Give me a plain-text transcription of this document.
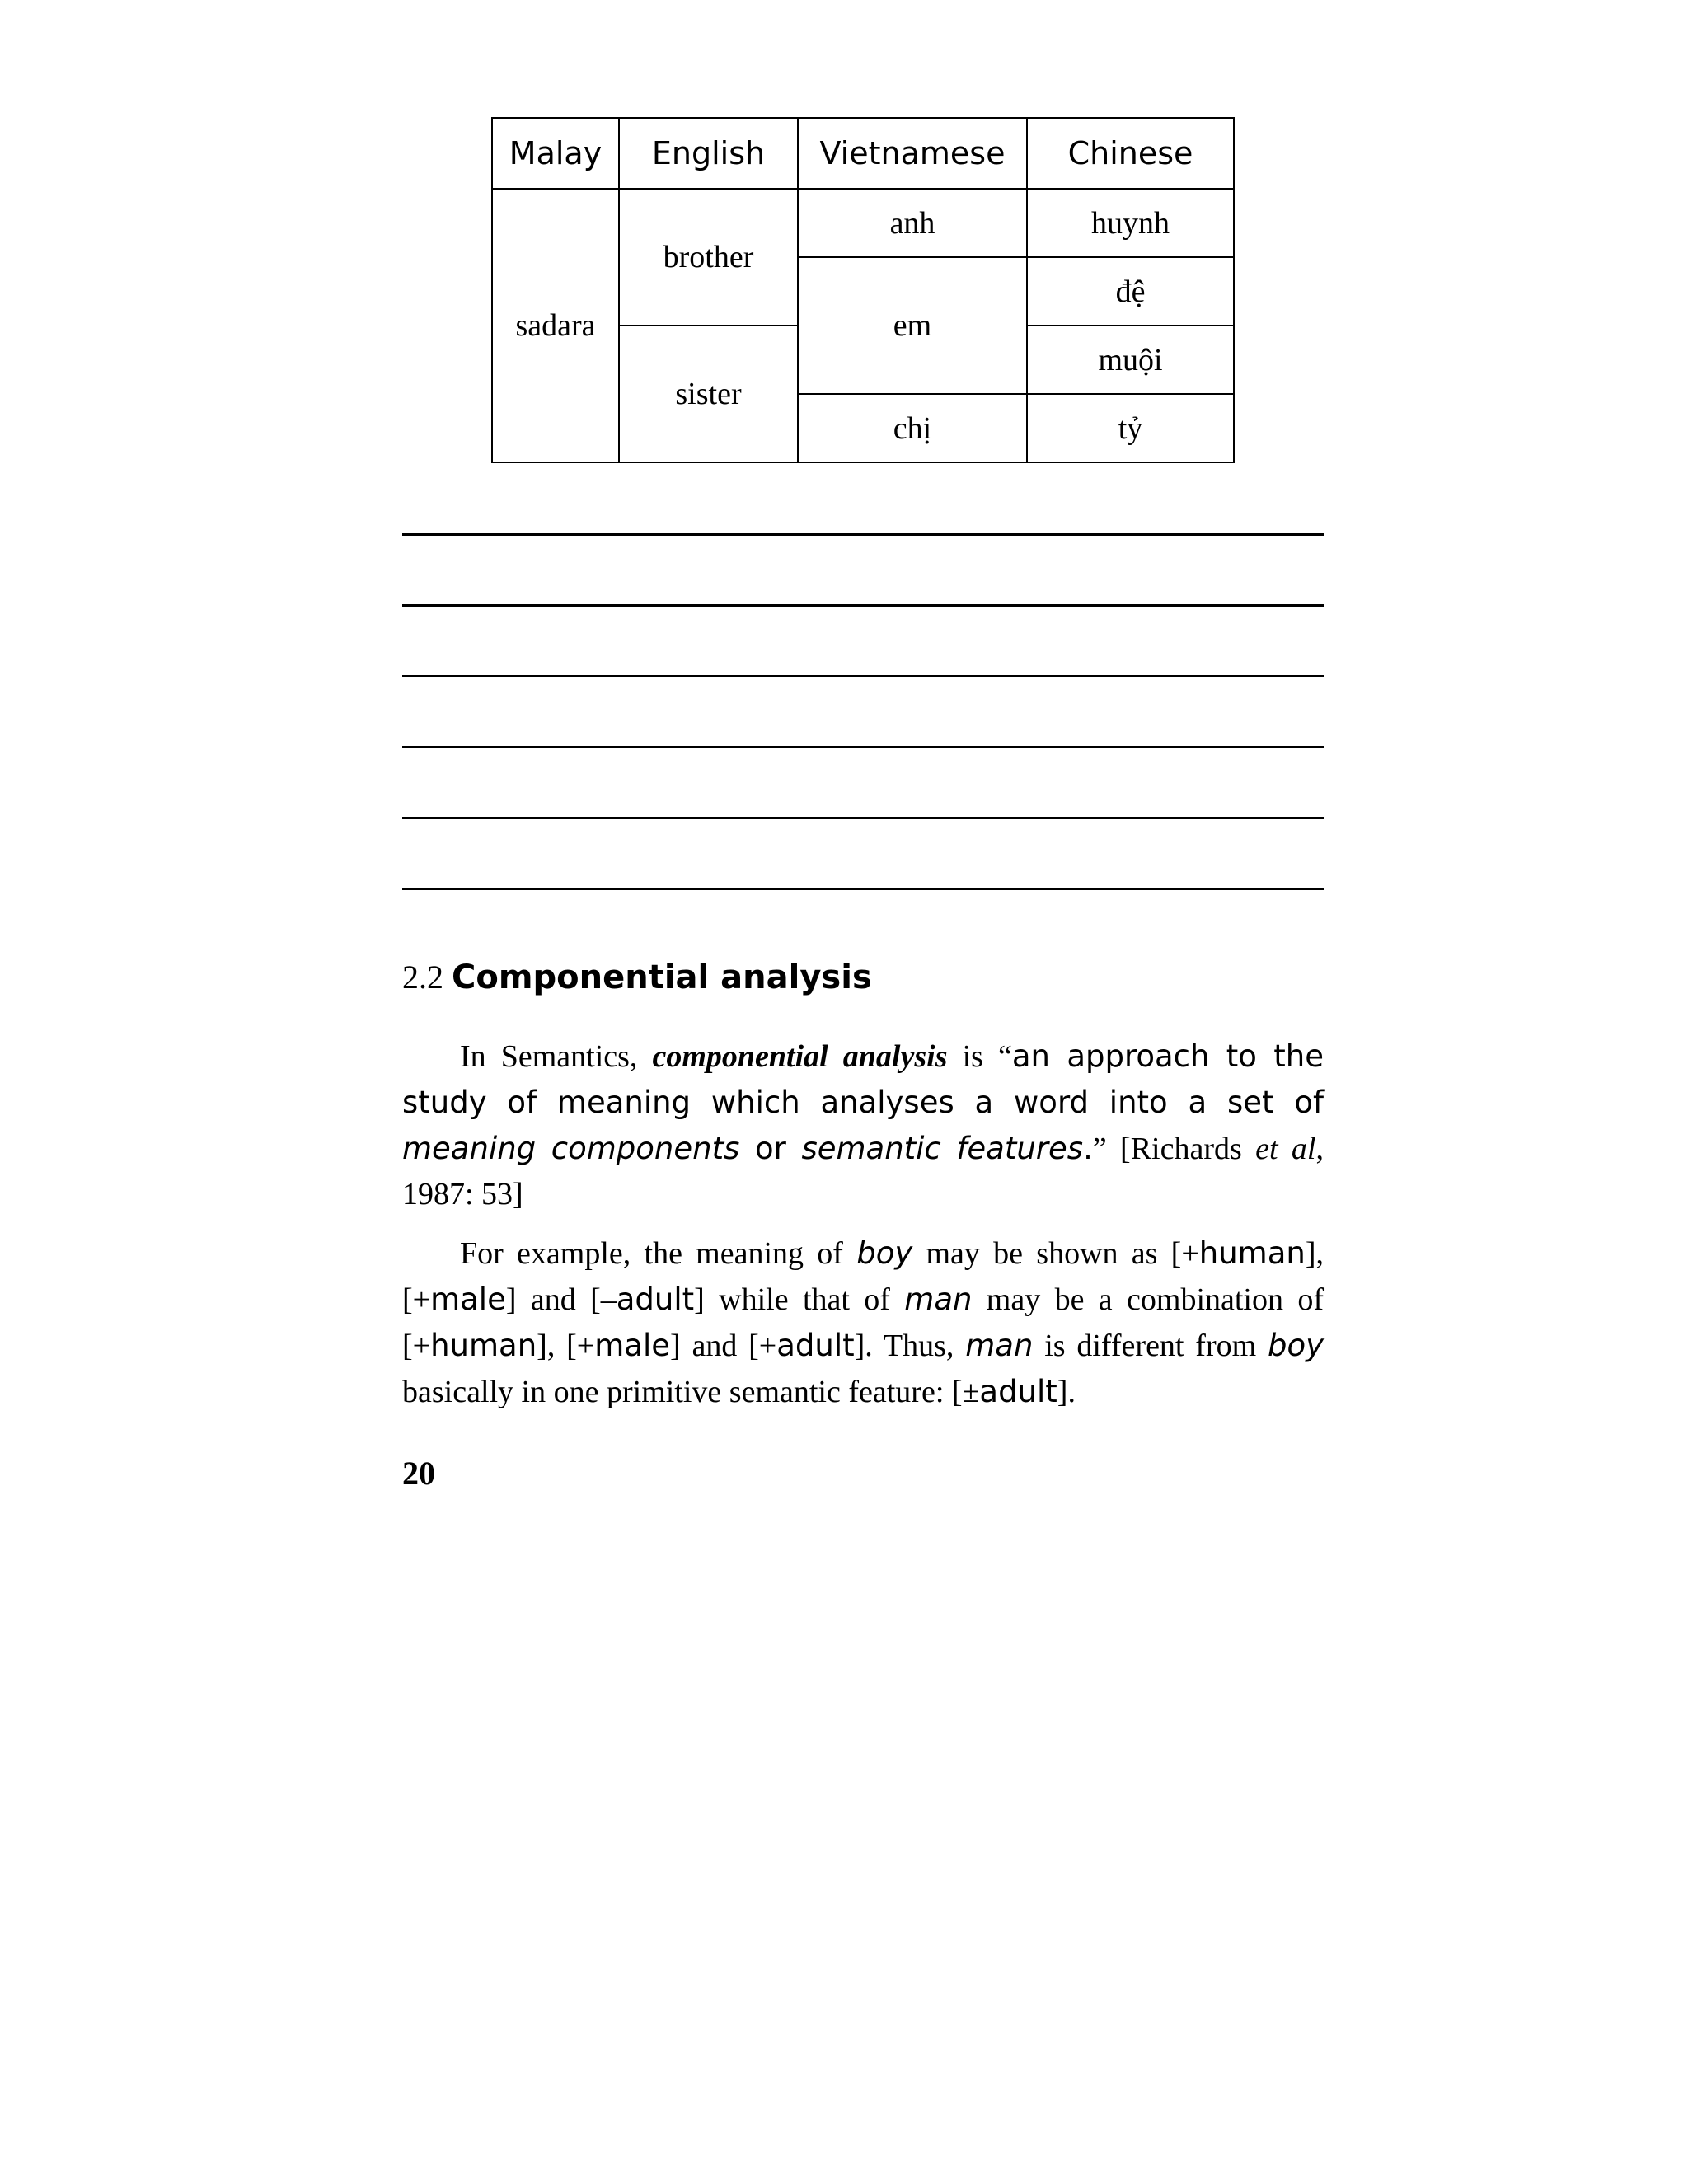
Malay	English	Vietnamese	Chinese
sadara	brother	anh	huynh
		em	đệ
	sister		muội
		chị	tỷ
2.2 Componential analysis

In Semantics, componential analysis is “an approach to the study of meaning which analyses a word into a set of meaning components or semantic features.” [Richards et al, 1987: 53]

For example, the meaning of boy may be shown as [+human], [+male] and [–adult] while that of man may be a combination of [+human], [+male] and [+adult]. Thus, man is different from boy basically in one primitive semantic feature: [±adult].

20
